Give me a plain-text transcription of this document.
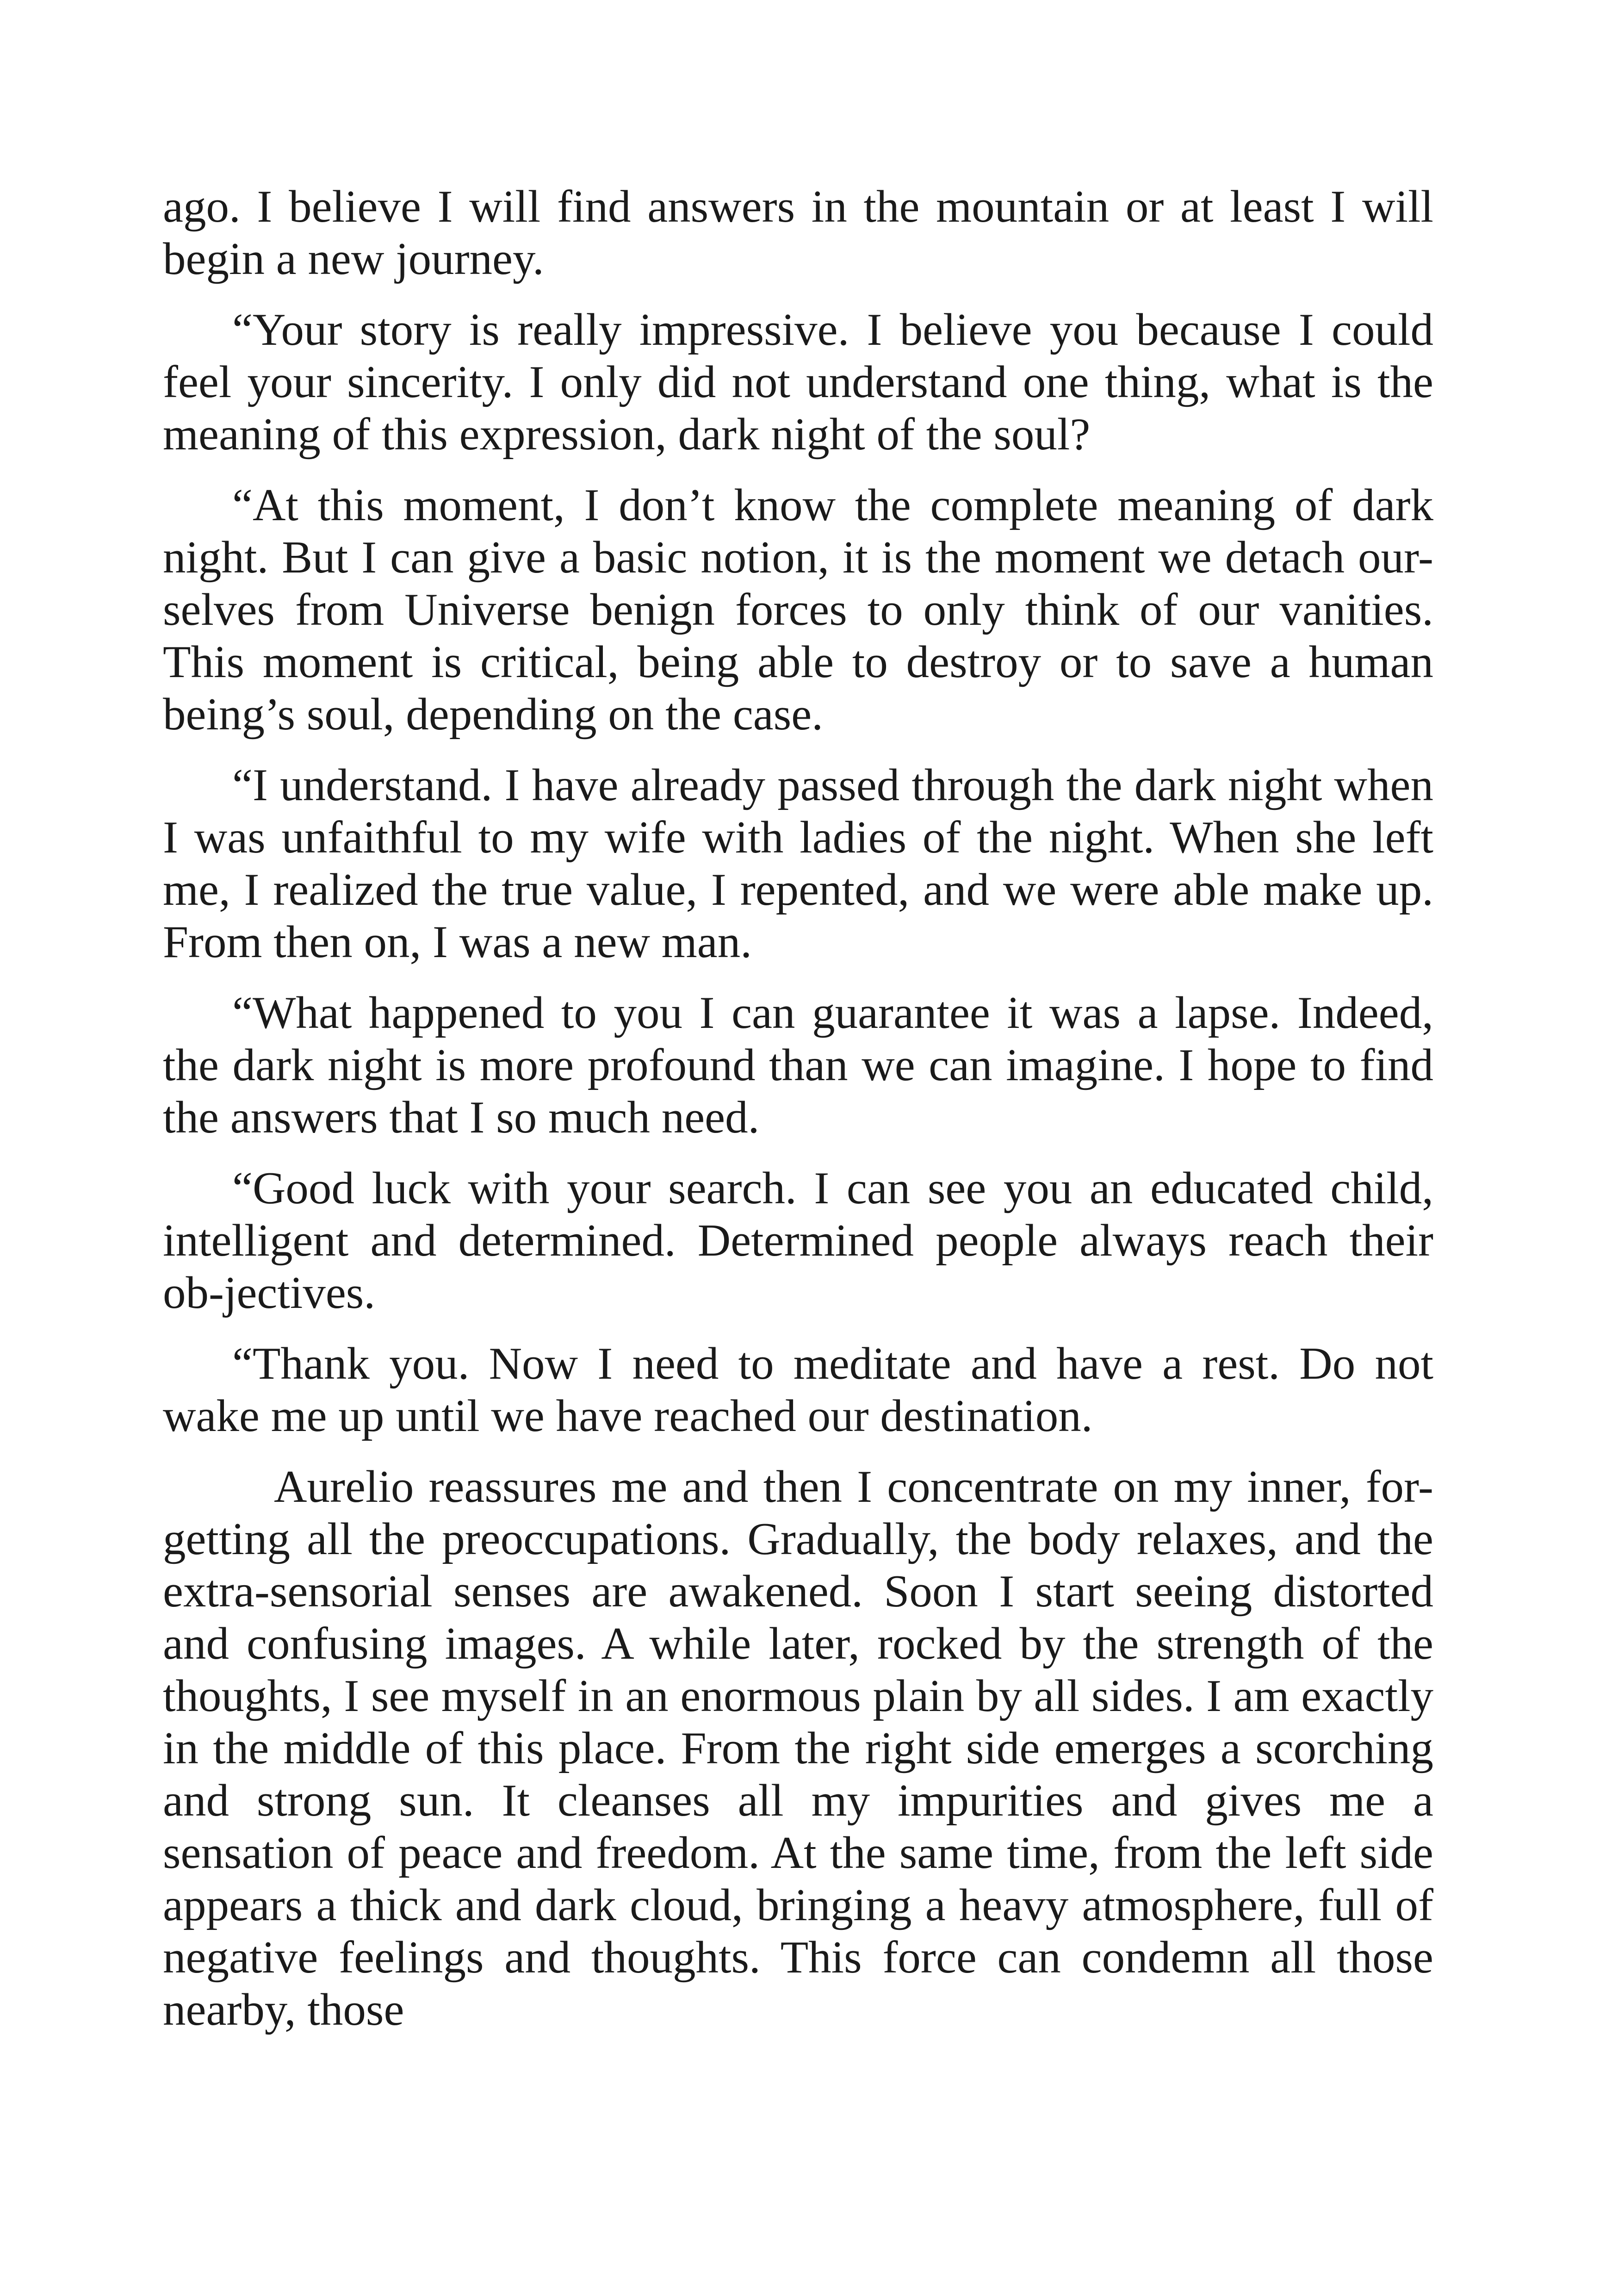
ago. I believe I will find answers in the mountain or at least I will begin a new journey.

“Your story is really impressive. I believe you because I could feel your sincerity. I only did not understand one thing, what is the meaning of this expression, dark night of the soul?

“At this moment, I don’t know the complete meaning of dark night. But I can give a basic notion, it is the moment we detach our-selves from Universe benign forces to only think of our vanities. This moment is critical, being able to destroy or to save a human being’s soul, depending on the case.

“I understand. I have already passed through the dark night when I was unfaithful to my wife with ladies of the night. When she left me, I realized the true value, I repented, and we were able make up. From then on, I was a new man.

“What happened to you I can guarantee it was a lapse. Indeed, the dark night is more profound than we can imagine. I hope to find the answers that I so much need.

“Good luck with your search. I can see you an educated child, intelligent and determined. Determined people always reach their ob-jectives.

“Thank you. Now I need to meditate and have a rest. Do not wake me up until we have reached our destination.

Aurelio reassures me and then I concentrate on my inner, for-getting all the preoccupations. Gradually, the body relaxes, and the extra-sensorial senses are awakened. Soon I start seeing distorted and confusing images. A while later, rocked by the strength of the thoughts, I see myself in an enormous plain by all sides. I am exactly in the middle of this place. From the right side emerges a scorching and strong sun. It cleanses all my impurities and gives me a sensation of peace and freedom. At the same time, from the left side appears a thick and dark cloud, bringing a heavy atmosphere, full of negative feelings and thoughts. This force can condemn all those nearby, those
